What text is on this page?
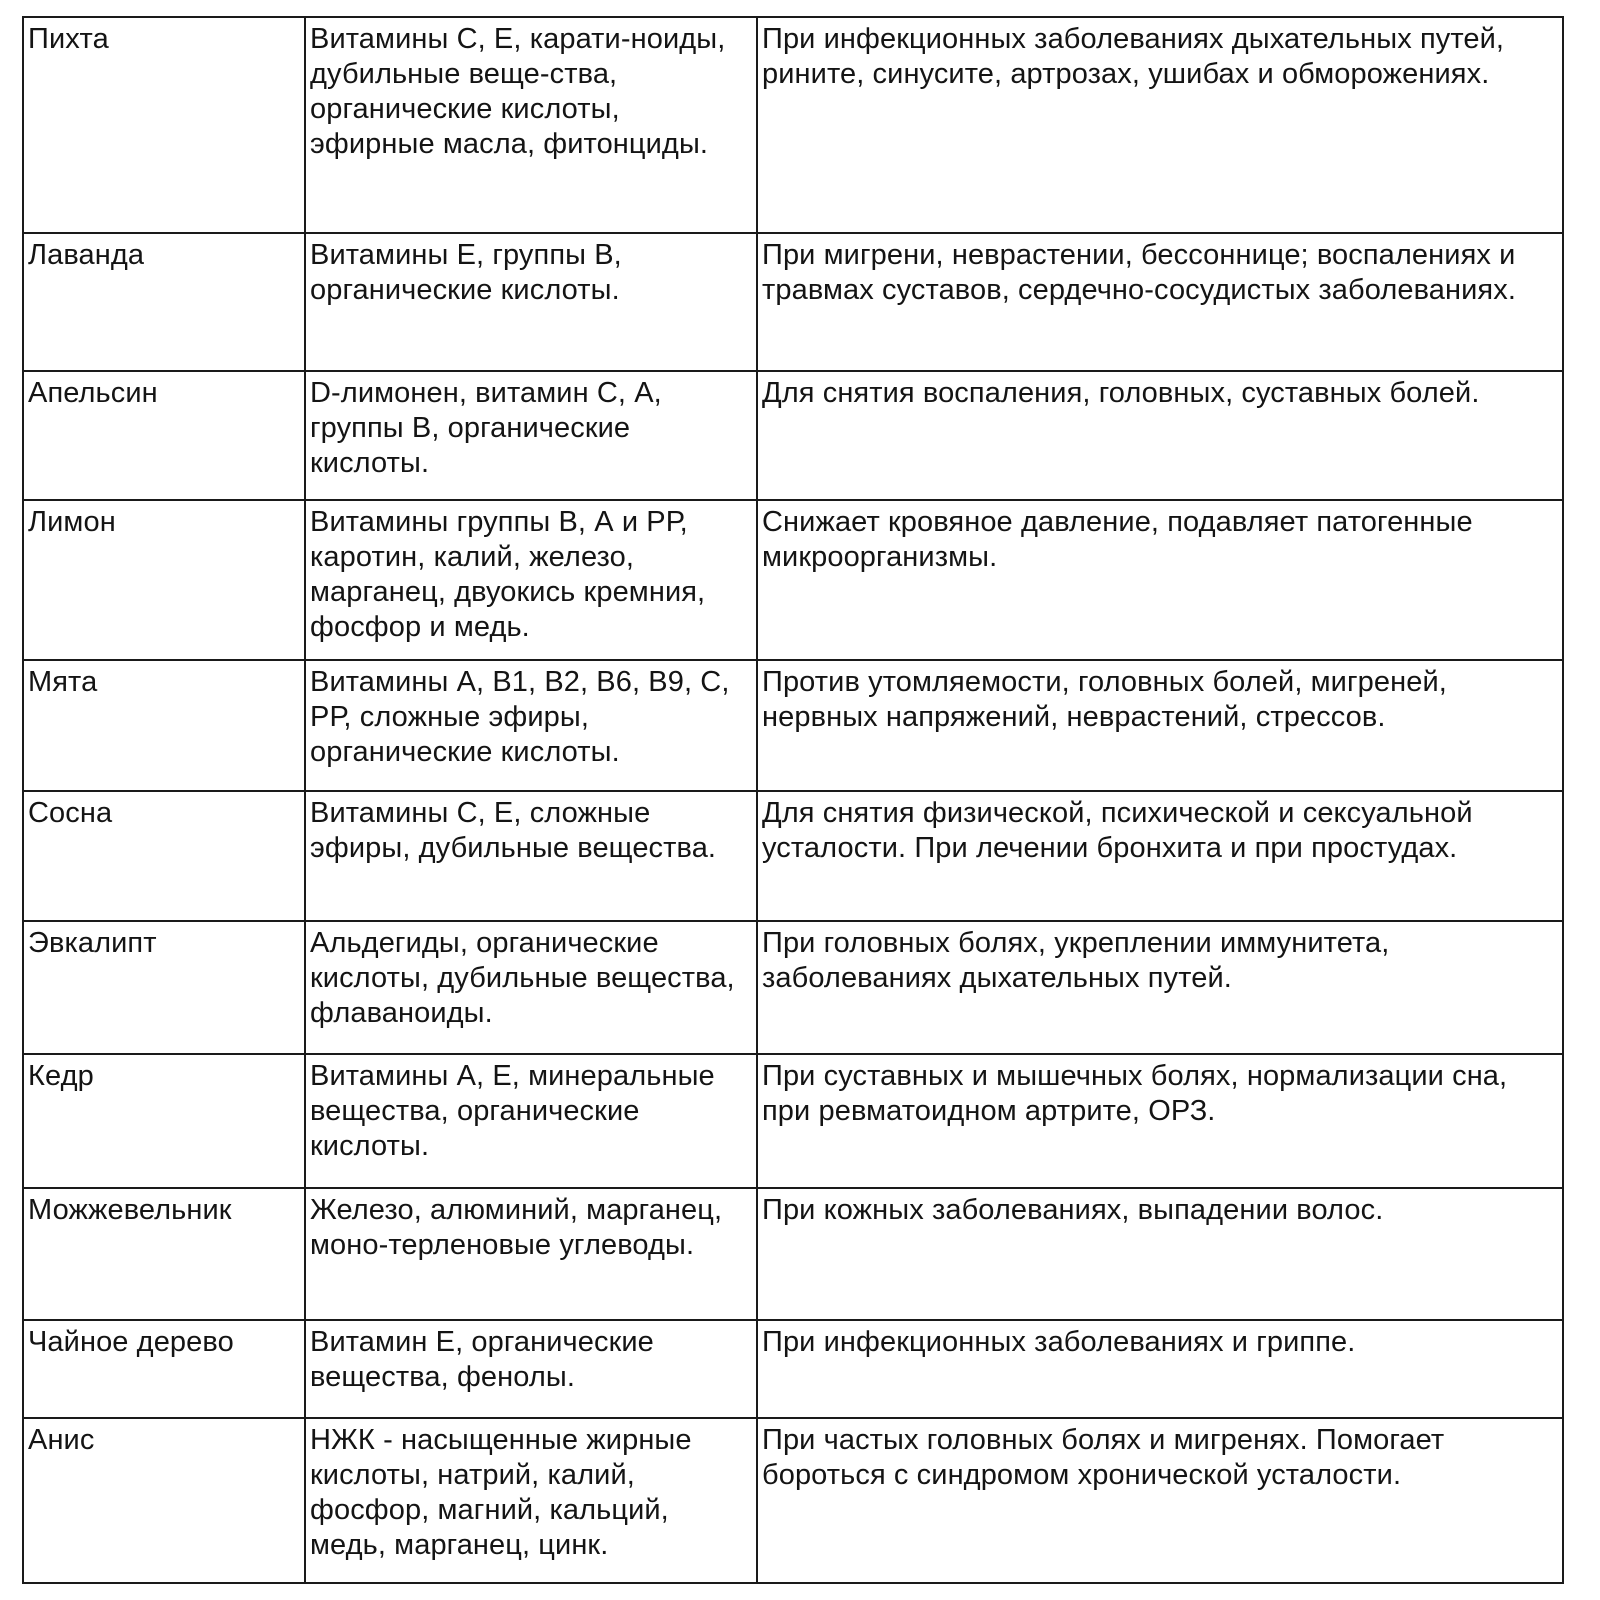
Пихта	Витамины С, Е, карати-ноиды, дубильные веще-ства, органические кислоты, эфирные масла, фитонциды.	При инфекционных заболеваниях дыхательных путей, рините, синусите, артрозах, ушибах и обморожениях.
Лаванда	Витамины Е, группы В, органические кислоты.	При мигрени, неврастении, бессоннице; воспалениях и травмах суставов, сердечно-сосудистых заболеваниях.
Апельсин	D-лимонен, витамин С, А, группы В, органические кислоты.	Для снятия воспаления, головных, суставных болей.
Лимон	Витамины группы В, А и РР, каротин, калий, железо, марганец, двуокись кремния, фосфор и медь.	Снижает кровяное давление, подавляет патогенные микроорганизмы.
Мята	Витамины А, В1, В2, В6, В9, С, РР, сложные эфиры, органические кислоты.	Против утомляемости, головных болей, мигреней, нервных напряжений, неврастений, стрессов.
Сосна	Витамины С, Е, сложные эфиры, дубильные вещества.	Для снятия физической, психической и сексуальной усталости. При лечении бронхита и при простудах.
Эвкалипт	Альдегиды, органические кислоты, дубильные вещества, флаваноиды.	При головных болях, укреплении иммунитета, заболеваниях дыхательных путей.
Кедр	Витамины А, Е, минеральные вещества, органические кислоты.	При суставных и мышечных болях, нормализации сна, при ревматоидном артрите, ОРЗ.
Можжевельник	Железо, алюминий, марганец, моно-терленовые углеводы.	При кожных заболеваниях, выпадении волос.
Чайное дерево	Витамин Е, органические вещества, фенолы.	При инфекционных заболеваниях и гриппе.
Анис	НЖК - насыщенные жирные кислоты, натрий, калий, фосфор, магний, кальций, медь, марганец, цинк.	При частых головных болях и мигренях. Помогает бороться с синдромом хронической усталости.
